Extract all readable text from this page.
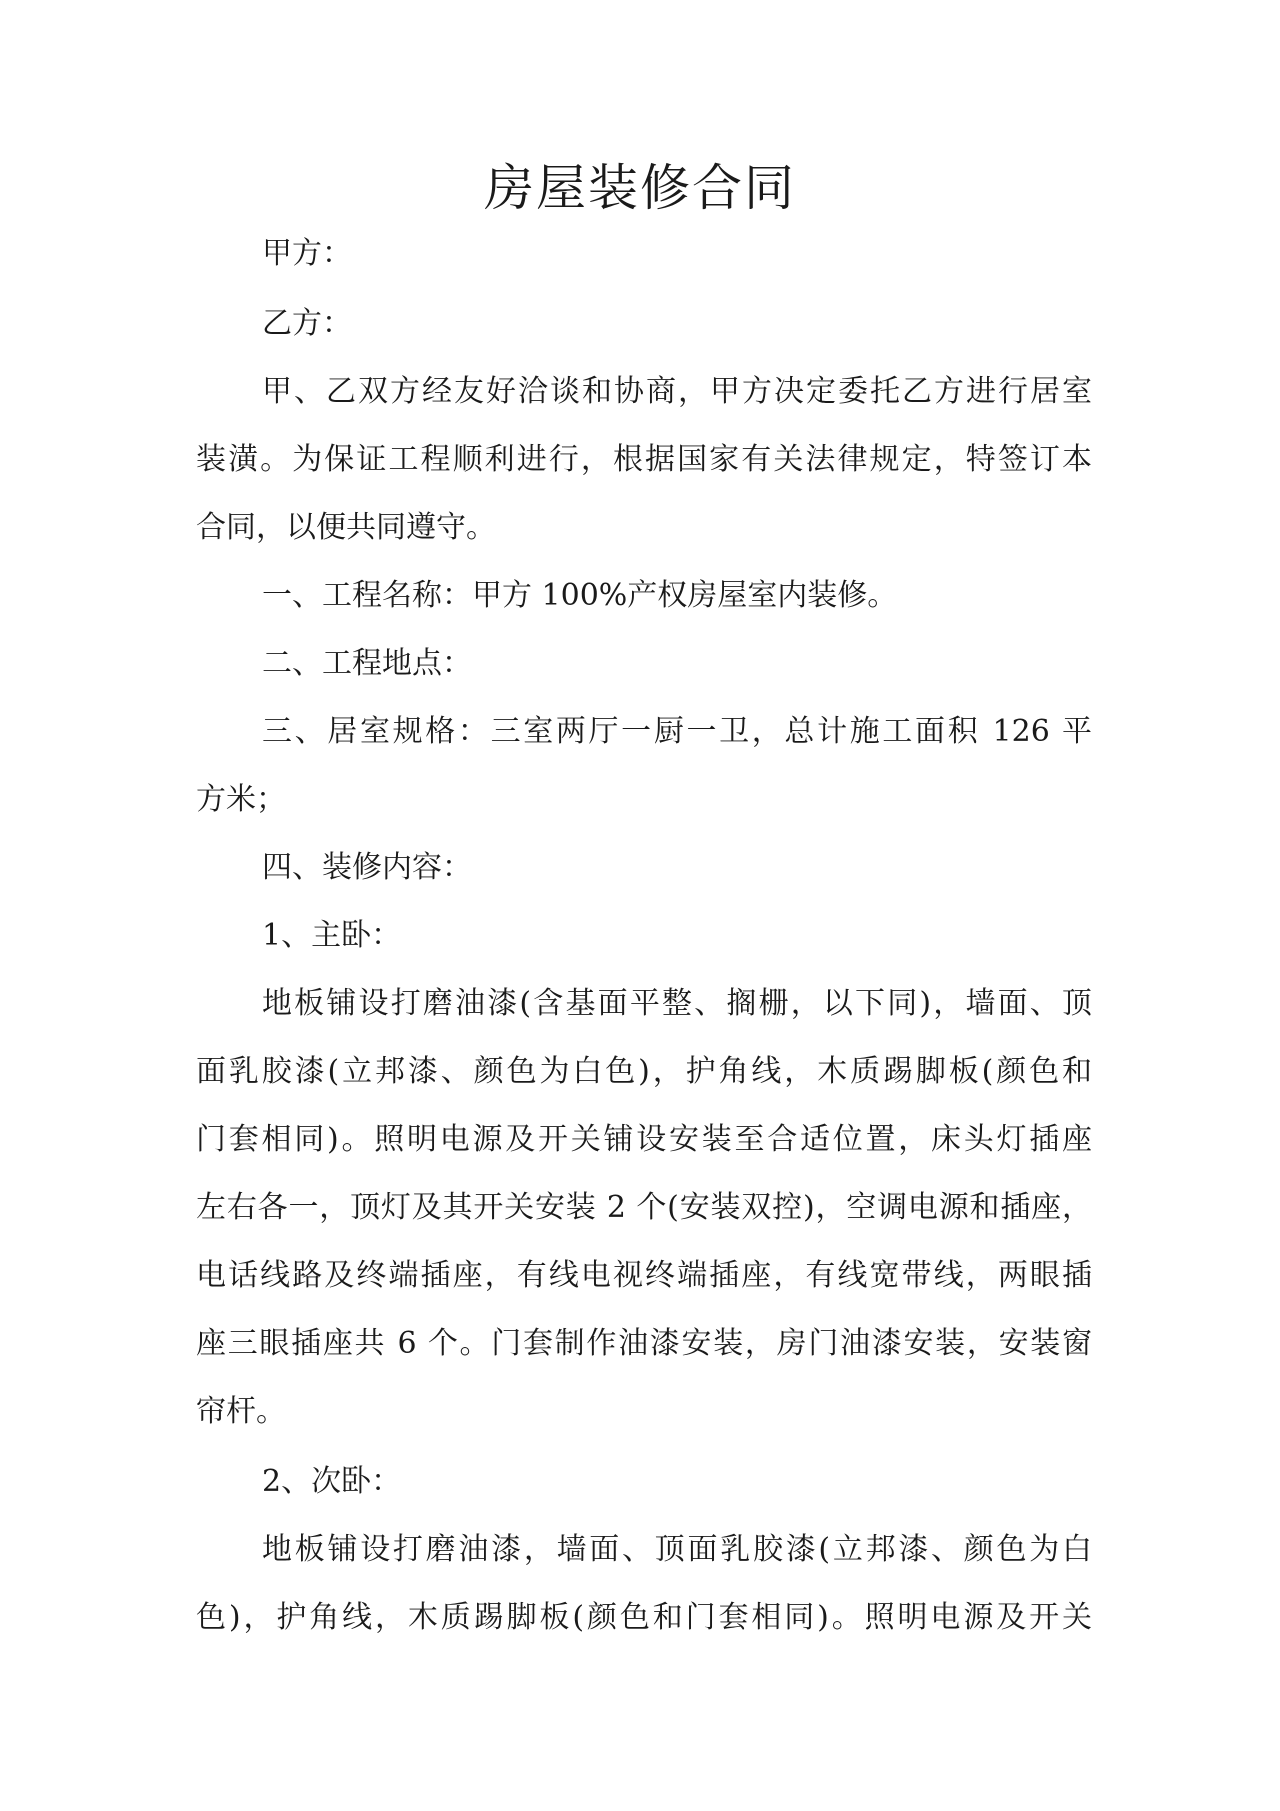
房屋装修合同

甲方：

乙方：

甲、乙双方经友好洽谈和协商，甲方决定委托乙方进行居室

装潢。为保证工程顺利进行，根据国家有关法律规定，特签订本

合同，以便共同遵守。

一、工程名称：甲方 100%产权房屋室内装修。

二、工程地点：

三、居室规格：三室两厅一厨一卫，总计施工面积 126 平

方米；

四、装修内容：

1、主卧：

地板铺设打磨油漆(含基面平整、搁栅，以下同)，墙面、顶

面乳胶漆(立邦漆、颜色为白色)，护角线，木质踢脚板(颜色和

门套相同)。照明电源及开关铺设安装至合适位置，床头灯插座

左右各一，顶灯及其开关安装 2 个(安装双控)，空调电源和插座，

电话线路及终端插座，有线电视终端插座，有线宽带线，两眼插

座三眼插座共 6 个。门套制作油漆安装，房门油漆安装，安装窗

帘杆。

2、次卧：

地板铺设打磨油漆，墙面、顶面乳胶漆(立邦漆、颜色为白

色)，护角线，木质踢脚板(颜色和门套相同)。照明电源及开关
